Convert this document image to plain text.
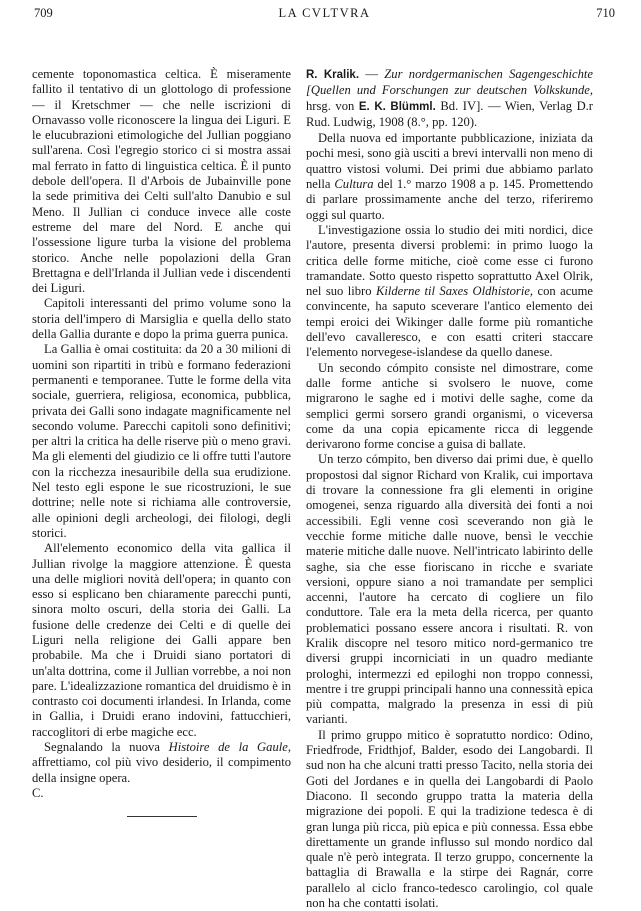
709	LA CVLTVRA	710

cemente toponomastica celtica. È miseramente fallito il tentativo di un glottologo di professione — il Kretschmer — che nelle iscrizioni di Ornavasso volle riconoscere la lingua dei Liguri. E le elucubrazioni etimologiche del Jullian poggiano sull'arena. Così l'egregio storico ci si mostra assai mal ferrato in fatto di linguistica celtica. È il punto debole dell'opera. Il d'Arbois de Jubainville pone la sede primitiva dei Celti sull'alto Danubio e sul Meno. Il Jullian ci conduce invece alle coste estreme del mare del Nord. E anche qui l'ossessione ligure turba la visione del problema storico. Anche nelle popolazioni della Gran Brettagna e dell'Irlanda il Jullian vede i discendenti dei Liguri.

Capitoli interessanti del primo volume sono la storia dell'impero di Marsiglia e quella dello stato della Gallia durante e dopo la prima guerra punica.

La Gallia è omai costituita: da 20 a 30 milioni di uomini son ripartiti in tribù e formano federazioni permanenti e temporanee. Tutte le forme della vita sociale, guerriera, religiosa, economica, pubblica, privata dei Galli sono indagate magnificamente nel secondo volume. Parecchi capitoli sono definitivi; per altri la critica ha delle riserve più o meno gravi. Ma gli elementi del giudizio ce li offre tutti l'autore con la ricchezza inesauribile della sua erudizione. Nel testo egli espone le sue ricostruzioni, le sue dottrine; nelle note si richiama alle controversie, alle opinioni degli archeologi, dei filologi, degli storici.

All'elemento economico della vita gallica il Jullian rivolge la maggiore attenzione. È questa una delle migliori novità dell'opera; in quanto con esso si esplicano ben chiaramente parecchi punti, sinora molto oscuri, della storia dei Galli. La fusione delle credenze dei Celti e di quelle dei Liguri nella religione dei Galli appare ben probabile. Ma che i Druidi siano portatori di un'alta dottrina, come il Jullian vorrebbe, a noi non pare. L'idealizzazione romantica del druidismo è in contrasto coi documenti irlandesi. In Irlanda, come in Gallia, i Druidi erano indovini, fattucchieri, raccoglitori di erbe magiche ecc.

Segnalando la nuova Histoire de la Gaule, affrettiamo, col più vivo desiderio, il compimento della insigne opera.

C.

R. Kralik. — Zur nordgermanischen Sagengeschichte [Quellen und Forschungen zur deutschen Volkskunde, hrsg. von E. K. Blümml. Bd. IV]. — Wien, Verlag D.r Rud. Ludwig, 1908 (8.°, pp. 120).

Della nuova ed importante pubblicazione, iniziata da pochi mesi, sono già usciti a brevi intervalli non meno di quattro vistosi volumi. Dei primi due abbiamo parlato nella Cultura del 1.° marzo 1908 a p. 145. Promettendo di parlare prossimamente anche del terzo, riferiremo oggi sul quarto.

L'investigazione ossia lo studio dei miti nordici, dice l'autore, presenta diversi problemi: in primo luogo la critica delle forme mitiche, cioè come esse ci furono tramandate. Sotto questo rispetto soprattutto Axel Olrik, nel suo libro Kilderne til Saxes Oldhistorie, con acume convincente, ha saputo sceverare l'antico elemento dei tempi eroici dei Wikinger dalle forme più romantiche dell'evo cavalleresco, e con esatti criteri staccare l'elemento norvegese-islandese da quello danese.

Un secondo cómpito consiste nel dimostrare, come dalle forme antiche si svolsero le nuove, come migrarono le saghe ed i motivi delle saghe, come da semplici germi sorsero grandi organismi, o viceversa come da una copia epicamente ricca di leggende derivarono forme concise a guisa di ballate.

Un terzo cómpito, ben diverso dai primi due, è quello propostosi dal signor Richard von Kralik, cui importava di trovare la connessione fra gli elementi in origine omogenei, senza riguardo alla diversità dei fonti a noi accessibili. Egli venne così sceverando non già le vecchie forme mitiche dalle nuove, bensì le vecchie materie mitiche dalle nuove. Nell'intricato labirinto delle saghe, sia che esse fioriscano in ricche e svariate versioni, oppure siano a noi tramandate per semplici accenni, l'autore ha cercato di cogliere un filo conduttore. Tale era la meta della ricerca, per quanto problematici possano essere ancora i risultati. R. von Kralik discopre nel tesoro mitico nord-germanico tre diversi gruppi incorniciati in un quadro mediante prologhi, intermezzi ed epiloghi non troppo connessi, mentre i tre gruppi principali hanno una connessità epica più compatta, malgrado la presenza in essi di più varianti.

Il primo gruppo mitico è sopratutto nordico: Odino, Friedfrode, Fridthjof, Balder, esodo dei Langobardi. Il sud non ha che alcuni tratti presso Tacito, nella storia dei Goti del Jordanes e in quella dei Langobardi di Paolo Diacono. Il secondo gruppo tratta la materia della migrazione dei popoli. E qui la tradizione tedesca è di gran lunga più ricca, più epica e più connessa. Essa ebbe direttamente un grande influsso sul mondo nordico dal quale n'è però integrata. Il terzo gruppo, concernente la battaglia di Brawalla e la stirpe dei Ragnár, corre parallelo al ciclo franco-tedesco carolingio, col quale non ha che contatti isolati.
